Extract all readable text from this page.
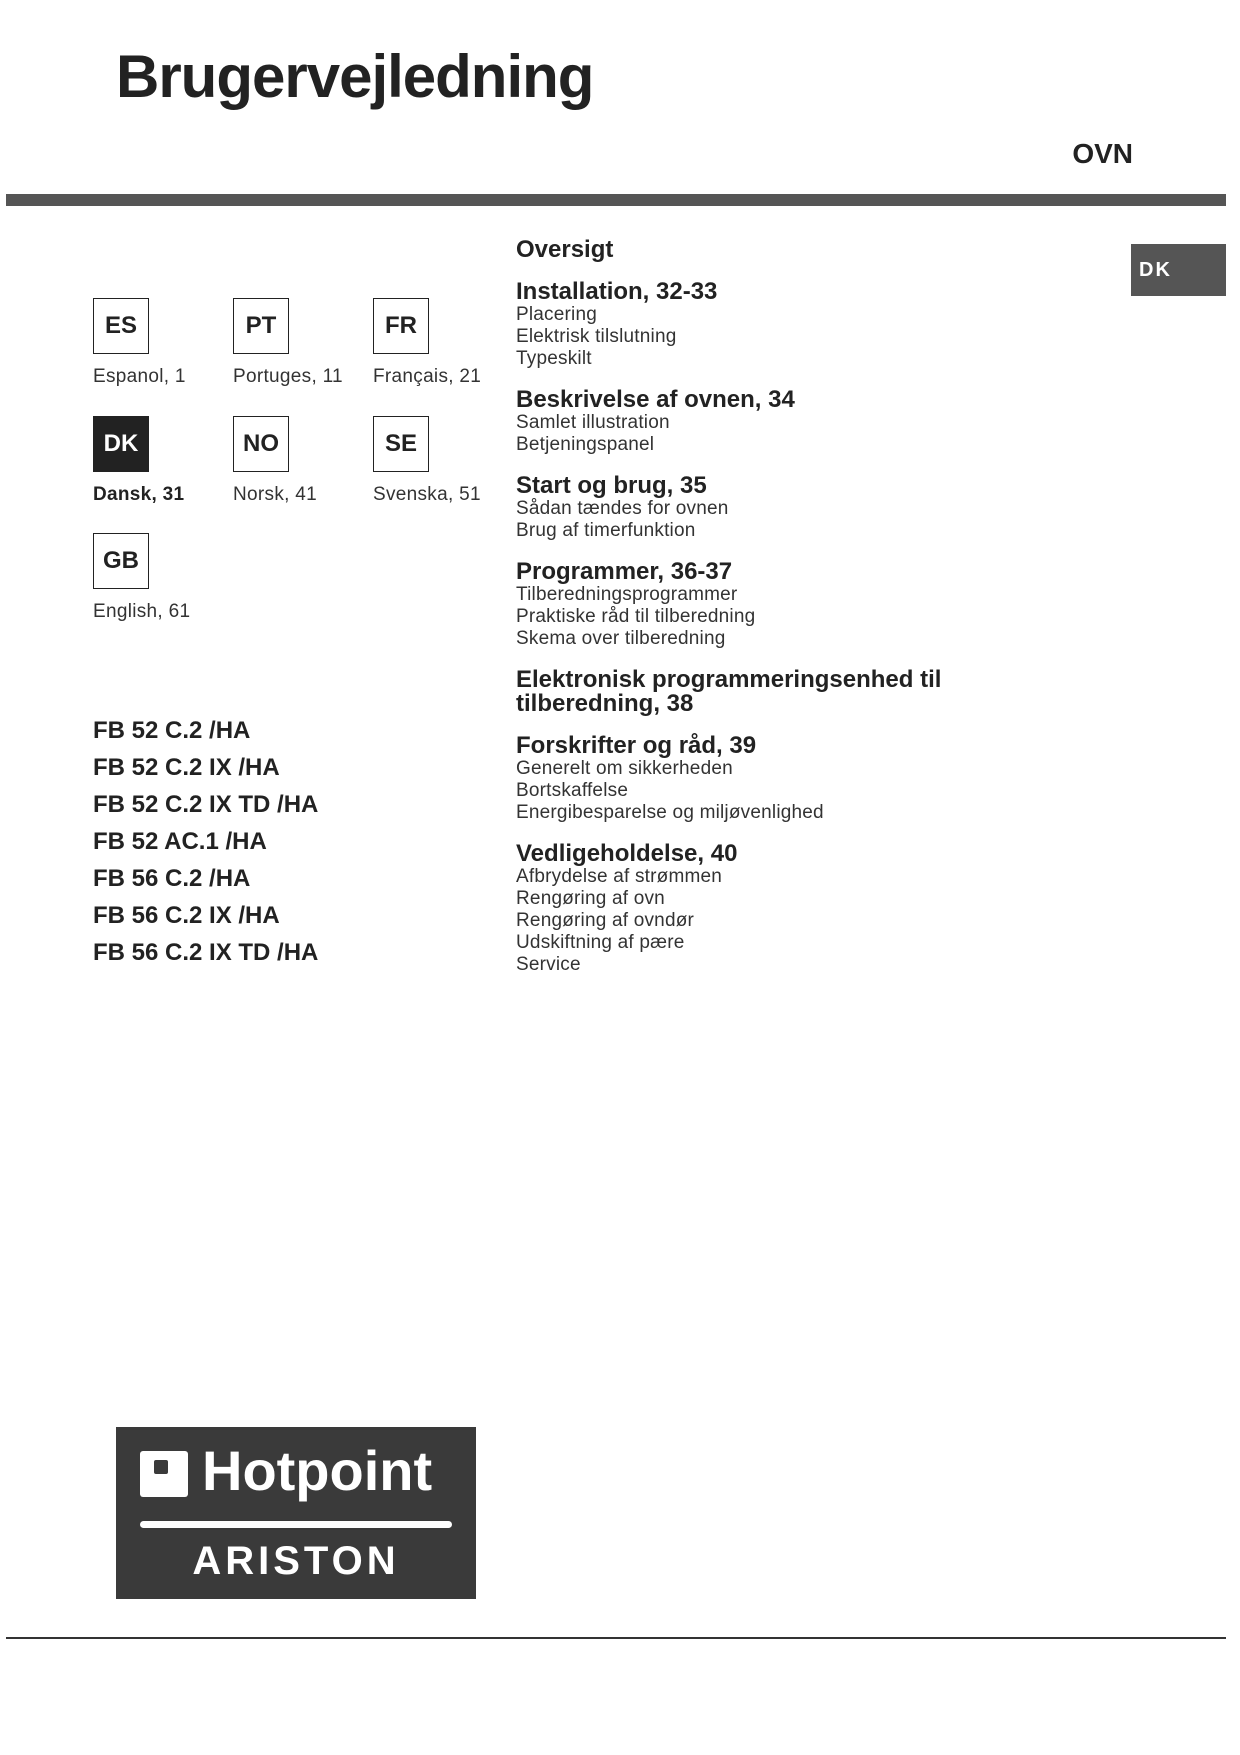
Brugervejledning
OVN
DK
ES
Espanol, 1
PT
Portuges, 11
FR
Français, 21
DK
Dansk, 31
NO
Norsk, 41
SE
Svenska, 51
GB
English, 61
FB 52 C.2 /HA
FB 52 C.2 IX /HA
FB 52 C.2 IX TD /HA
FB 52 AC.1 /HA
FB 56 C.2 /HA
FB 56 C.2 IX /HA
FB 56 C.2 IX TD /HA
Oversigt
Installation, 32-33
Placering
Elektrisk tilslutning
Typeskilt
Beskrivelse af ovnen, 34
Samlet illustration
Betjeningspanel
Start og brug, 35
Sådan tændes for ovnen
Brug af timerfunktion
Programmer, 36-37
Tilberedningsprogrammer
Praktiske råd til tilberedning
Skema over tilberedning
Elektronisk programmeringsenhed til tilberedning, 38
Forskrifter og råd, 39
Generelt om sikkerheden
Bortskaffelse
Energibesparelse og miljøvenlighed
Vedligeholdelse, 40
Afbrydelse af strømmen
Rengøring af ovn
Rengøring af ovndør
Udskiftning af pære
Service
Hotpoint
ARISTON
